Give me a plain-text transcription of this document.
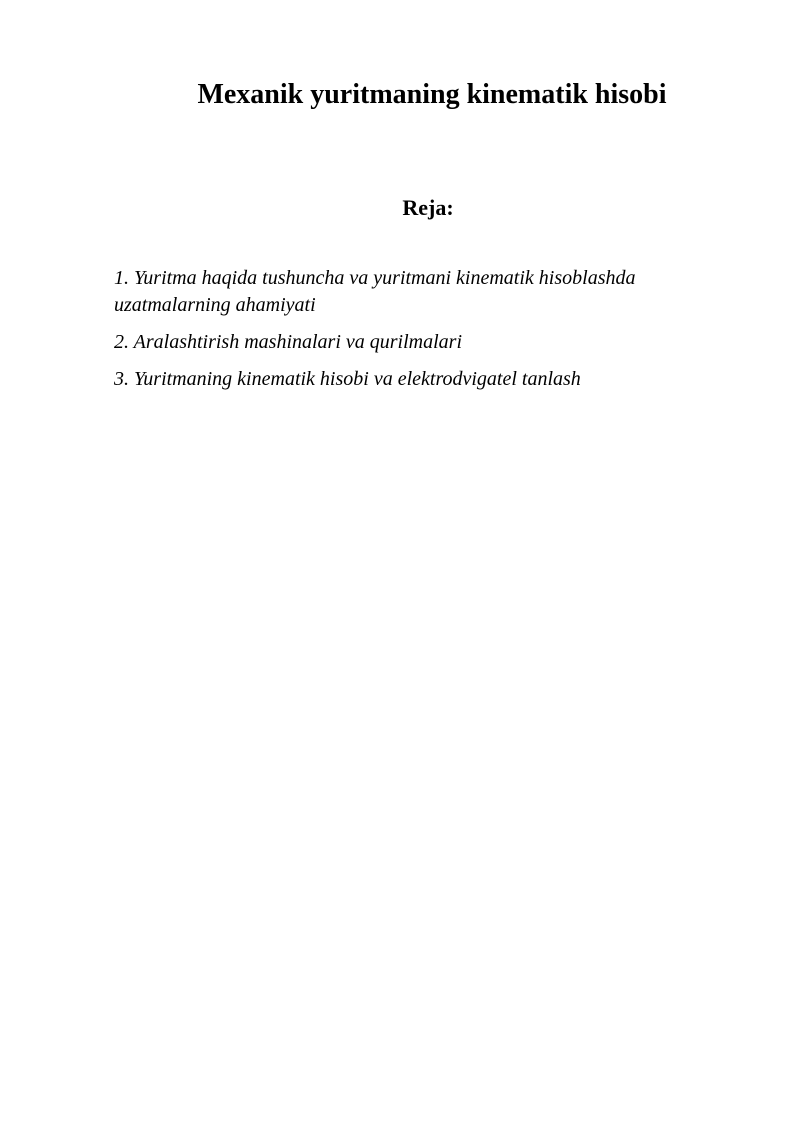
Mexanik yuritmaning kinematik hisobi
Reja:
1. Yuritma haqida tushuncha va yuritmani kinematik hisoblashda uzatmalarning ahamiyati
2. Aralashtirish mashinalari va qurilmalari
3. Yuritmaning kinematik hisobi va elektrodvigatel tanlash
